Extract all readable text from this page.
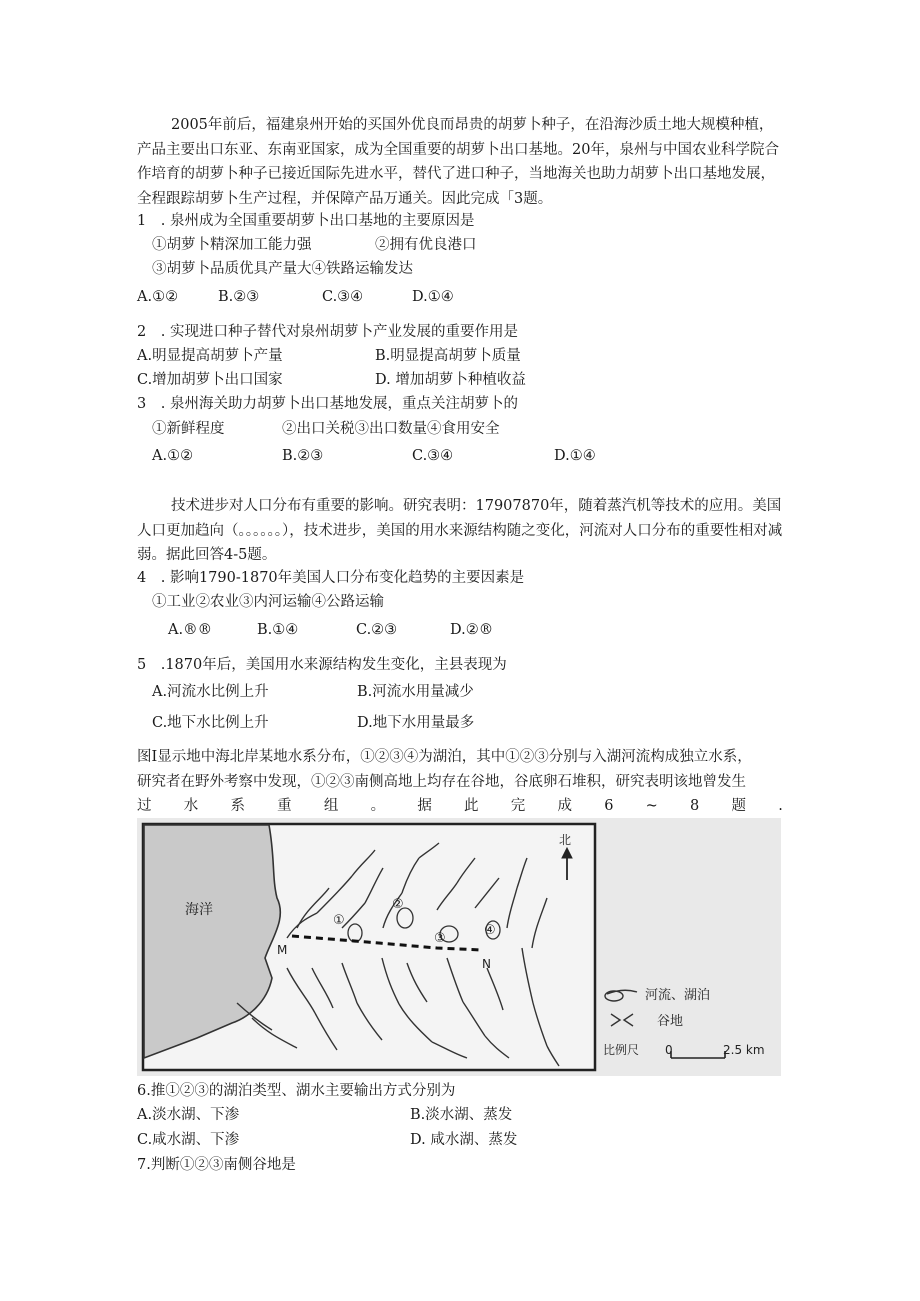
2005年前后，福建泉州开始的买国外优良而昂贵的胡萝卜种子，在沿海沙质土地大规模种植，产品主要出口东亚、东南亚国家，成为全国重要的胡萝卜出口基地。20年，泉州与中国农业科学院合作培育的胡萝卜种子已接近国际先进水平，替代了进口种子，当地海关也助力胡萝卜出口基地发展，全程跟踪胡萝卜生产过程，并保障产品万通关。因此完成「3题。
1　. 泉州成为全国重要胡萝卜出口基地的主要原因是
①胡萝卜精深加工能力强	②拥有优良港口
③胡萝卜品质优具产量大④铁路运输发达
A.①②	B.②③	C.③④	D.①④
2　. 实现进口种子替代对泉州胡萝卜产业发展的重要作用是
A.明显提高胡萝卜产量	B.明显提高胡萝卜质量
C.增加胡萝卜出口国家	D. 增加胡萝卜种植收益
3　. 泉州海关助力胡萝卜出口基地发展，重点关注胡萝卜的
①新鲜程度	②出口关税③出口数量④食用安全
A.①②	B.②③	C.③④	D.①④
技术进步对人口分布有重要的影响。研究表明：17907870年，随着蒸汽机等技术的应用。美国人口更加趋向（。。。。。。），技术进步，美国的用水来源结构随之变化，河流对人口分布的重要性相对减弱。据此回答4-5题。
4　. 影响1790-1870年美国人口分布变化趋势的主要因素是
①工业②农业③内河运输④公路运输
A.®®	B.①④	C.②③	D.②®
5　.1870年后，美国用水来源结构发生变化，主县表现为
A.河流水比例上升	B.河流水用量减少
C.地下水比例上升	D.地下水用量最多
图I显示地中海北岸某地水系分布，①②③④为湖泊，其中①②③分别与入湖河流构成独立水系，
研究者在野外考察中发现，①②③南侧高地上均存在谷地，谷底卵石堆积，研究表明该地曾发生
过 水 系 重 组 。 据 此 完 成 6 ~ 8 题 .
海洋
①
②
③
④
M
N
北
河流、湖泊
谷地
比例尺 0	2.5 km
6.推①②③的湖泊类型、湖水主要输出方式分别为
A.淡水湖、下渗	B.淡水湖、蒸发
C.咸水湖、下渗	D. 咸水湖、蒸发
7.判断①②③南侧谷地是
